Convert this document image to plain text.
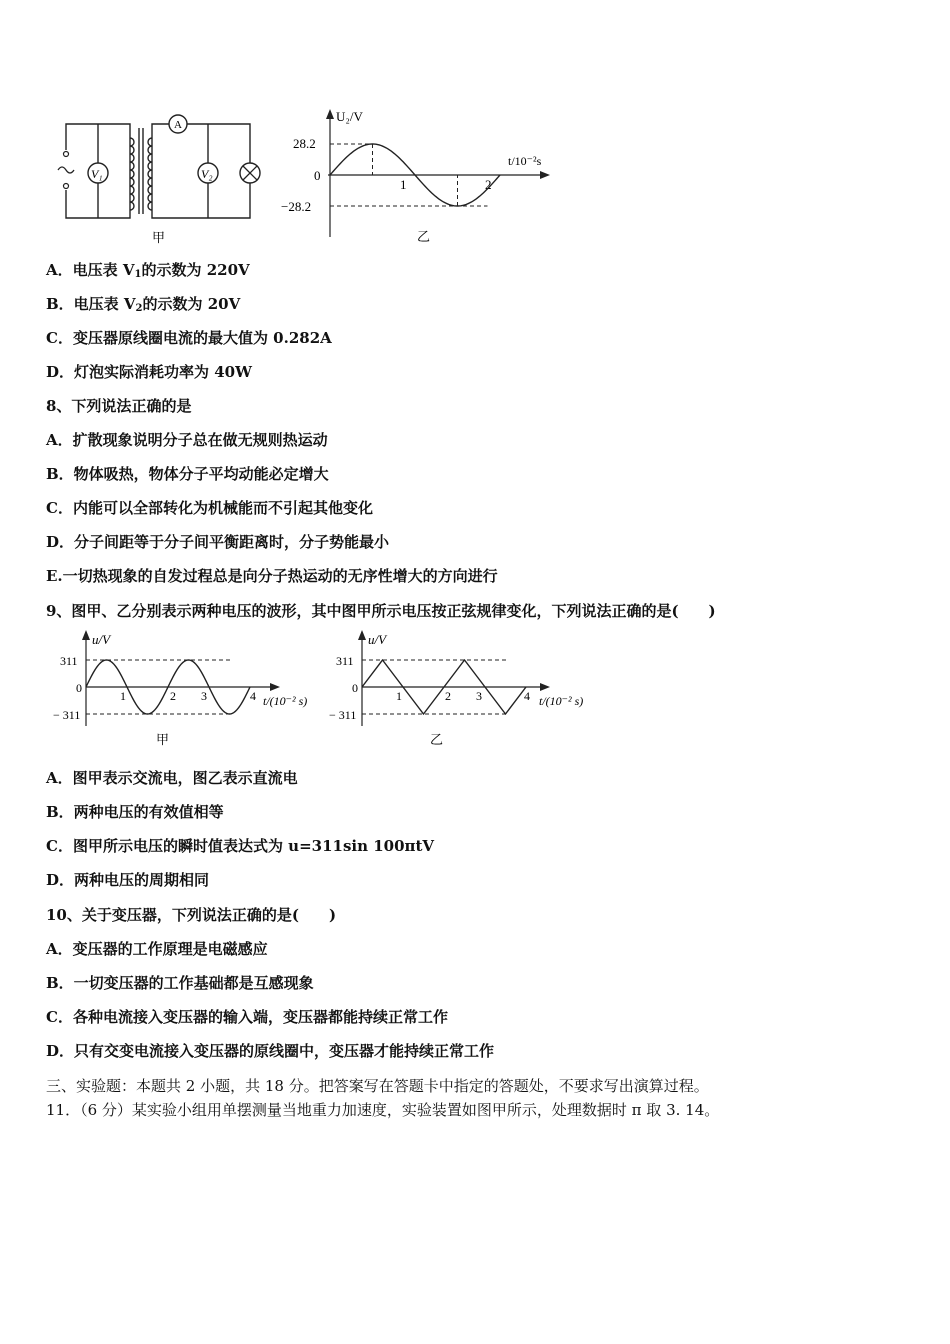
V₁
A
V₂
甲
U₂/V
t/10⁻²s
28.2
0
−28.2
1	2
乙
u/V
t/(10⁻² s)
311
0
− 311
1	2 3	4
甲
u/V
t/(10⁻² s)
311
0
− 311
1	2 3	4
乙
A．电压表 $V_1$的示数为 220V
B．电压表 $V_2$的示数为 20V
C．变压器原线圈电流的最大值为 0.282A
D．灯泡实际消耗功率为 40W
8、下列说法正确的是
A．扩散现象说明分子总在做无规则热运动
B．物体吸热，物体分子平均动能必定增大
C．内能可以全部转化为机械能而不引起其他变化
D．分子间距等于分子间平衡距离时，分子势能最小
E.一切热现象的自发过程总是向分子热运动的无序性增大的方向进行
9、图甲、乙分别表示两种电压的波形，其中图甲所示电压按正弦规律变化，下列说法正确的是(　　)
A．图甲表示交流电，图乙表示直流电
B．两种电压的有效值相等
C．图甲所示电压的瞬时值表达式为 u=311sin 100πtV
D．两种电压的周期相同
10、关于变压器，下列说法正确的是(　　)
A．变压器的工作原理是电磁感应
B．一切变压器的工作基础都是互感现象
C．各种电流接入变压器的输入端，变压器都能持续正常工作
D．只有交变电流接入变压器的原线圈中，变压器才能持续正常工作
三、实验题：本题共 2 小题，共 18 分。把答案写在答题卡中指定的答题处，不要求写出演算过程。
11．（6 分）某实验小组用单摆测量当地重力加速度，实验装置如图甲所示，处理数据时 π 取 3. 14。
